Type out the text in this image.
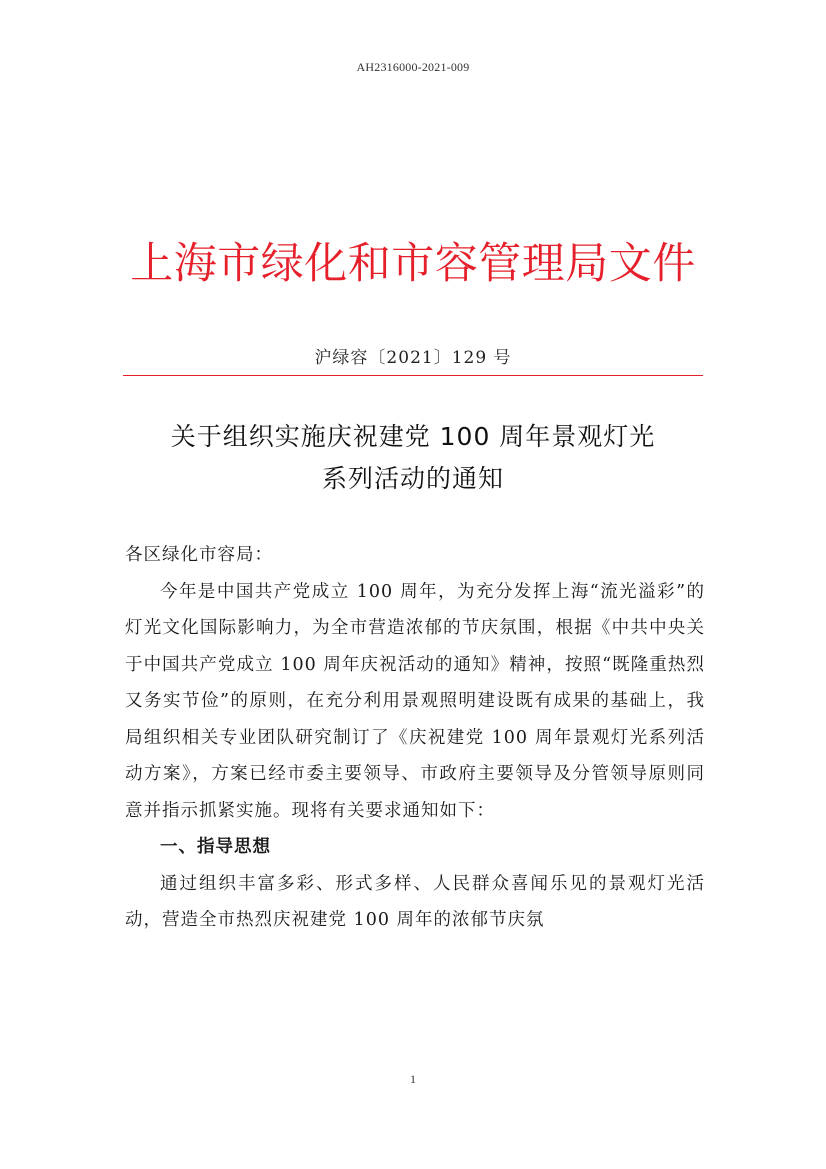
AH2316000-2021-009
上海市绿化和市容管理局文件
沪绿容〔2021〕129 号
关于组织实施庆祝建党 100 周年景观灯光
系列活动的通知

各区绿化市容局：

今年是中国共产党成立 100 周年，为充分发挥上海“流光溢彩”的灯光文化国际影响力，为全市营造浓郁的节庆氛围，根据《中共中央关于中国共产党成立 100 周年庆祝活动的通知》精神，按照“既隆重热烈又务实节俭”的原则，在充分利用景观照明建设既有成果的基础上，我局组织相关专业团队研究制订了《庆祝建党 100 周年景观灯光系列活动方案》，方案已经市委主要领导、市政府主要领导及分管领导原则同意并指示抓紧实施。现将有关要求通知如下：

一、指导思想

通过组织丰富多彩、形式多样、人民群众喜闻乐见的景观灯光活动，营造全市热烈庆祝建党 100 周年的浓郁节庆氛

1
